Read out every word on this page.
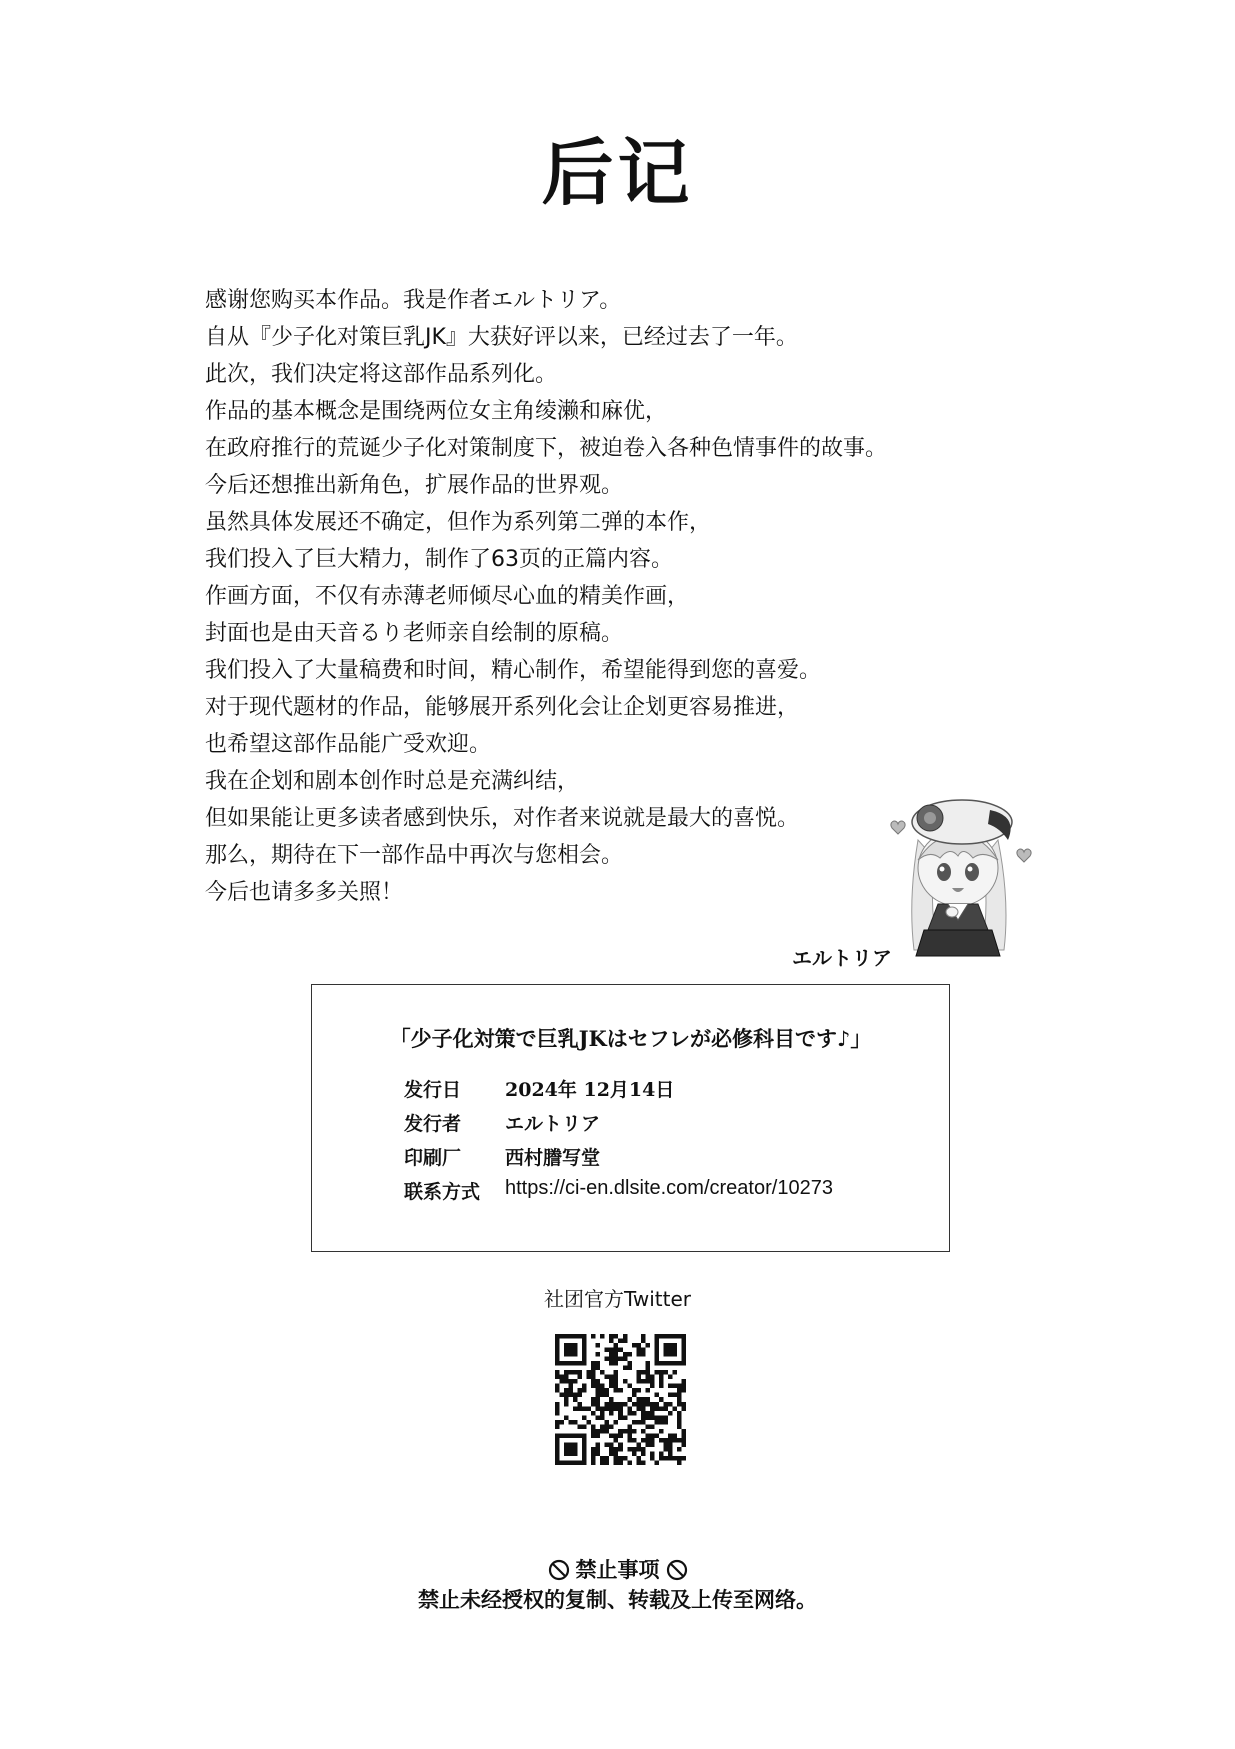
后记
感谢您购买本作品。我是作者エルトリア。
自从『少子化对策巨乳JK』大获好评以来，已经过去了一年。
此次，我们决定将这部作品系列化。
作品的基本概念是围绕两位女主角绫濑和麻优，
在政府推行的荒诞少子化对策制度下，被迫卷入各种色情事件的故事。
今后还想推出新角色，扩展作品的世界观。
虽然具体发展还不确定，但作为系列第二弹的本作，
我们投入了巨大精力，制作了63页的正篇内容。
作画方面，不仅有赤薄老师倾尽心血的精美作画，
封面也是由天音るり老师亲自绘制的原稿。
我们投入了大量稿费和时间，精心制作，希望能得到您的喜爱。
对于现代题材的作品，能够展开系列化会让企划更容易推进，
也希望这部作品能广受欢迎。
我在企划和剧本创作时总是充满纠结，
但如果能让更多读者感到快乐，对作者来说就是最大的喜悦。
那么，期待在下一部作品中再次与您相会。
今后也请多多关照！
エルトリア
「少子化対策で巨乳JKはセフレが必修科目です♪」
发行日	2024年 12月14日
发行者	エルトリア
印刷厂	西村謄写堂
联系方式	https://ci-en.dlsite.com/creator/10273
社团官方Twitter
禁止事项
禁止未经授权的复制、转载及上传至网络。
